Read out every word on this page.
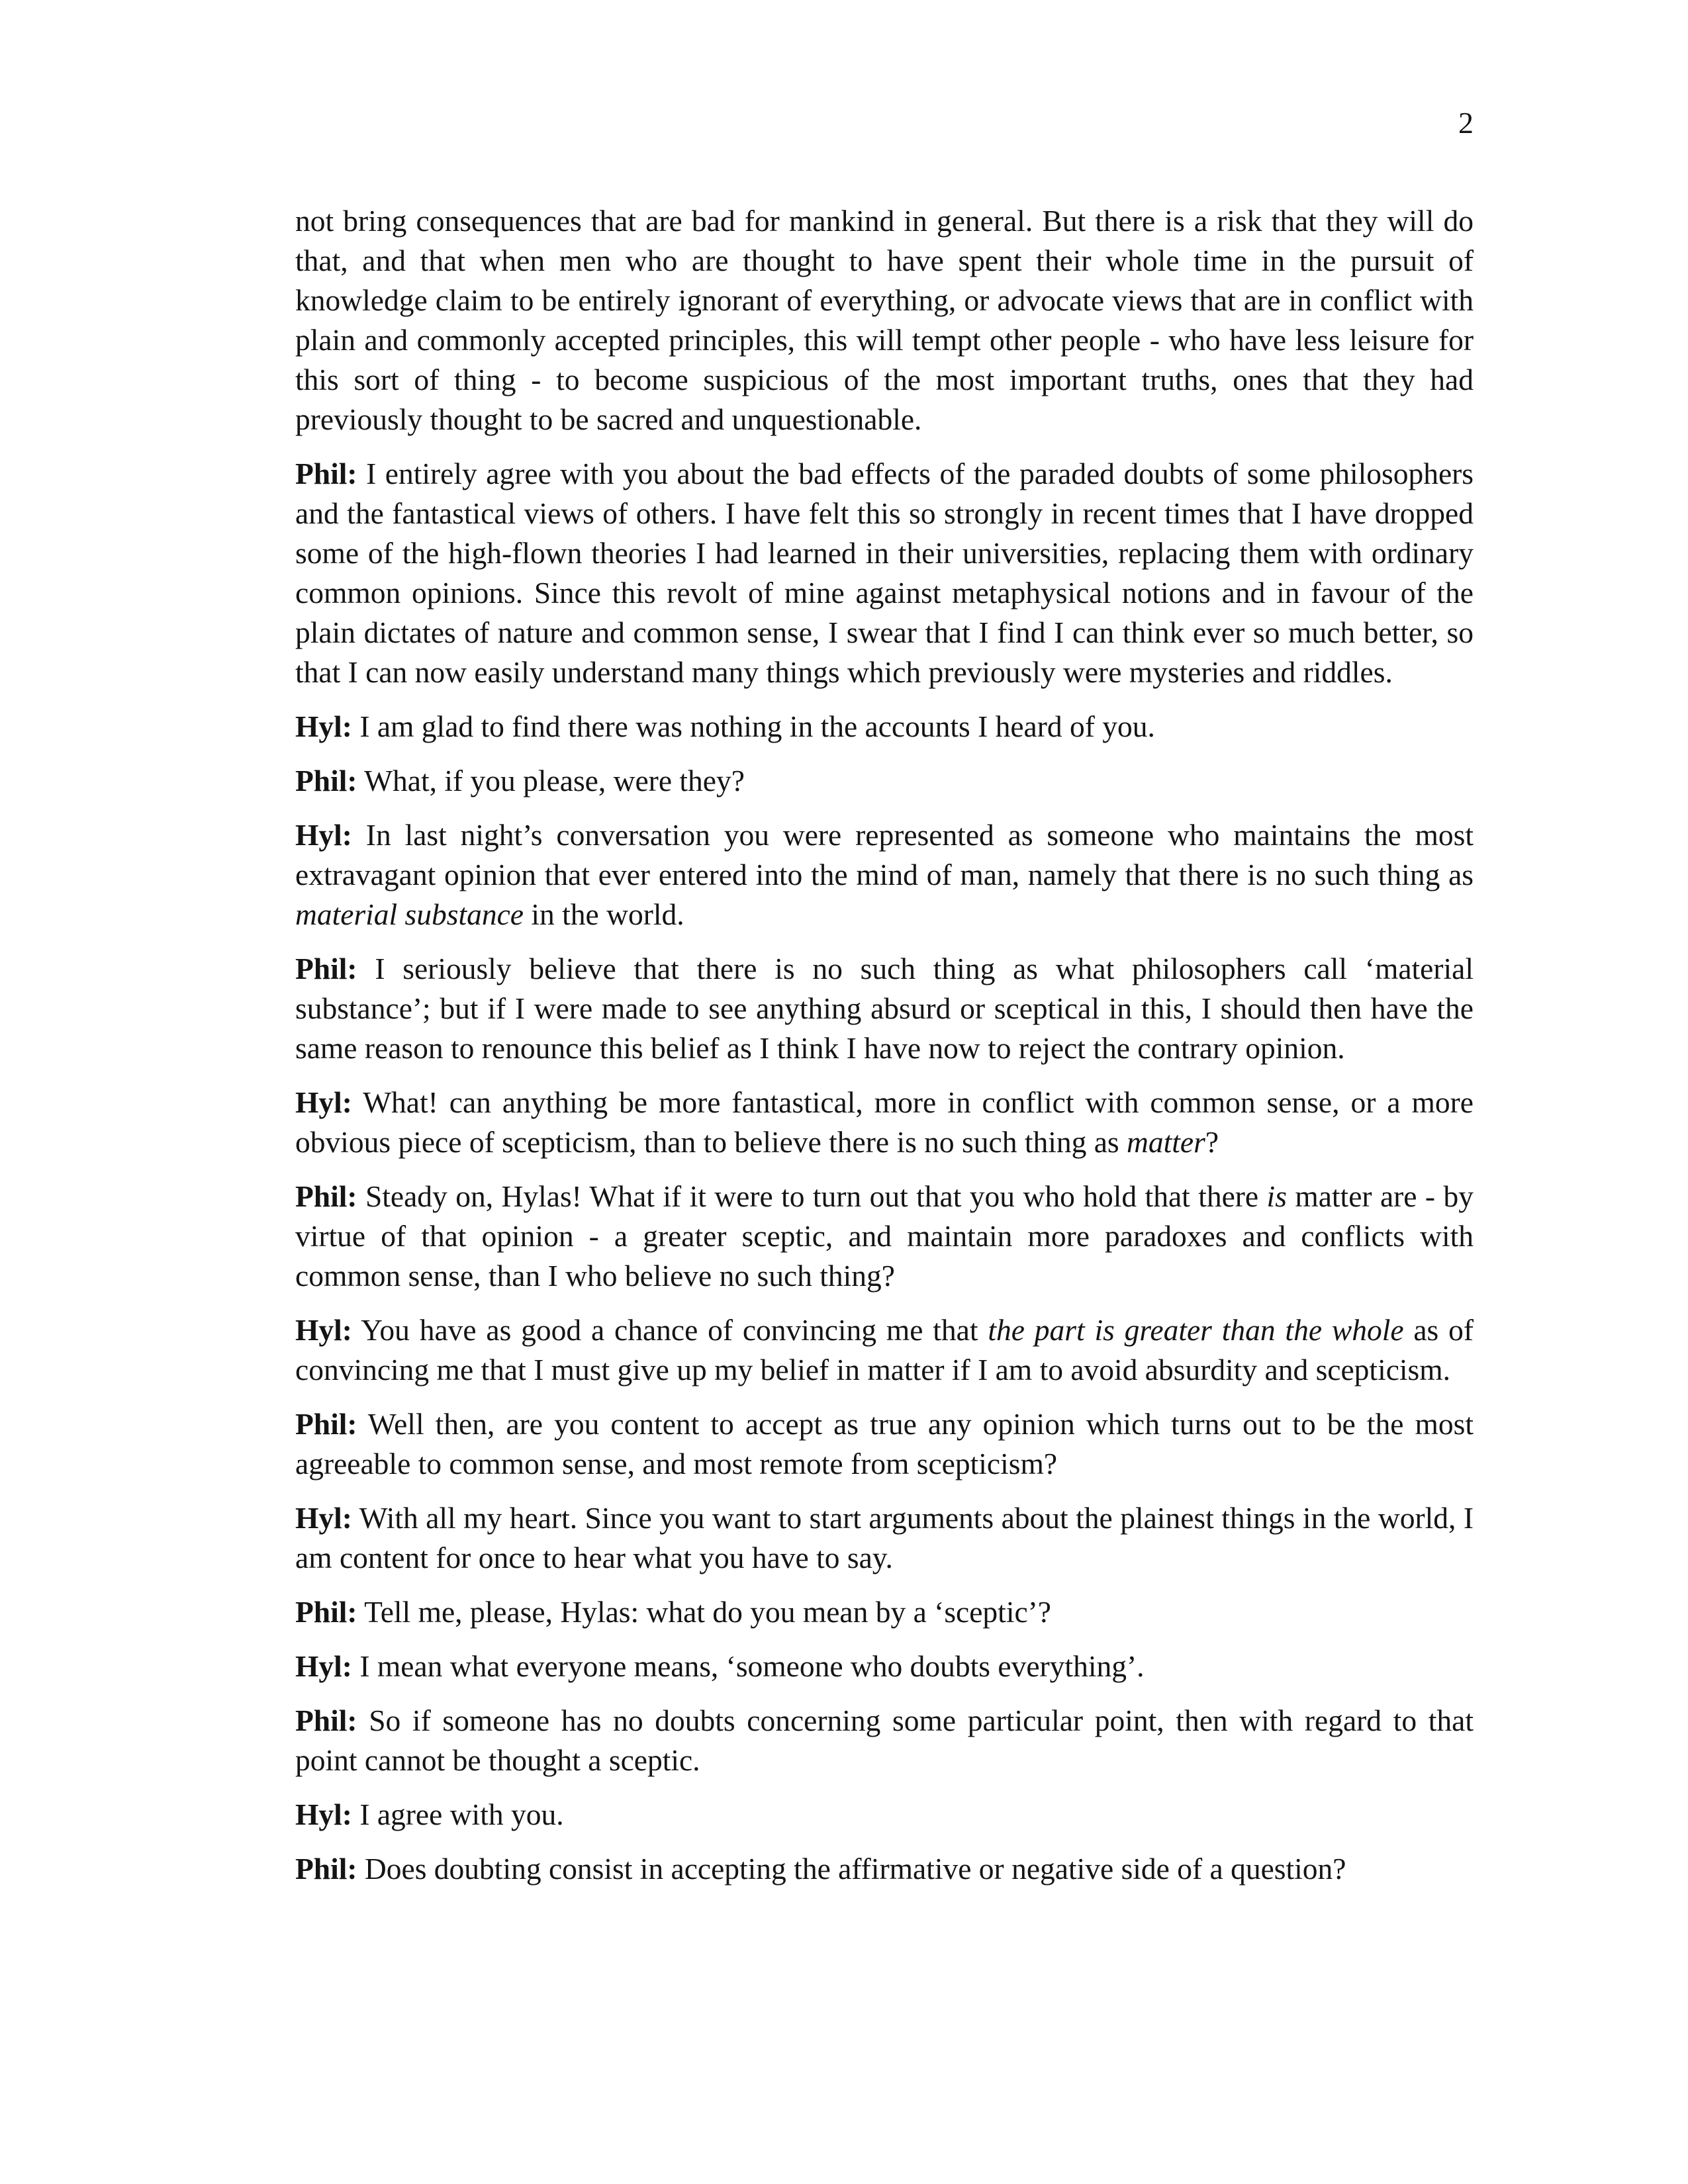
2

not bring consequences that are bad for mankind in general. But there is a risk that they will do that, and that when men who are thought to have spent their whole time in the pursuit of knowledge claim to be entirely ignorant of everything, or advocate views that are in conflict with plain and commonly accepted principles, this will tempt other people - who have less leisure for this sort of thing - to become suspicious of the most important truths, ones that they had previously thought to be sacred and unquestionable.

Phil: I entirely agree with you about the bad effects of the paraded doubts of some philosophers and the fantastical views of others. I have felt this so strongly in recent times that I have dropped some of the high-flown theories I had learned in their universities, replacing them with ordinary common opinions. Since this revolt of mine against metaphysical notions and in favour of the plain dictates of nature and common sense, I swear that I find I can think ever so much better, so that I can now easily understand many things which previously were mysteries and riddles.

Hyl: I am glad to find there was nothing in the accounts I heard of you.

Phil: What, if you please, were they?

Hyl: In last night’s conversation you were represented as someone who maintains the most extravagant opinion that ever entered into the mind of man, namely that there is no such thing as material substance in the world.

Phil: I seriously believe that there is no such thing as what philosophers call ‘material substance’; but if I were made to see anything absurd or sceptical in this, I should then have the same reason to renounce this belief as I think I have now to reject the contrary opinion.

Hyl: What! can anything be more fantastical, more in conflict with common sense, or a more obvious piece of scepticism, than to believe there is no such thing as matter?

Phil: Steady on, Hylas! What if it were to turn out that you who hold that there is matter are - by virtue of that opinion - a greater sceptic, and maintain more paradoxes and conflicts with common sense, than I who believe no such thing?

Hyl: You have as good a chance of convincing me that the part is greater than the whole as of convincing me that I must give up my belief in matter if I am to avoid absurdity and scepticism.

Phil: Well then, are you content to accept as true any opinion which turns out to be the most agreeable to common sense, and most remote from scepticism?

Hyl: With all my heart. Since you want to start arguments about the plainest things in the world, I am content for once to hear what you have to say.

Phil: Tell me, please, Hylas: what do you mean by a ‘sceptic’?

Hyl: I mean what everyone means, ‘someone who doubts everything’.

Phil: So if someone has no doubts concerning some particular point, then with regard to that point cannot be thought a sceptic.

Hyl: I agree with you.

Phil: Does doubting consist in accepting the affirmative or negative side of a question?
